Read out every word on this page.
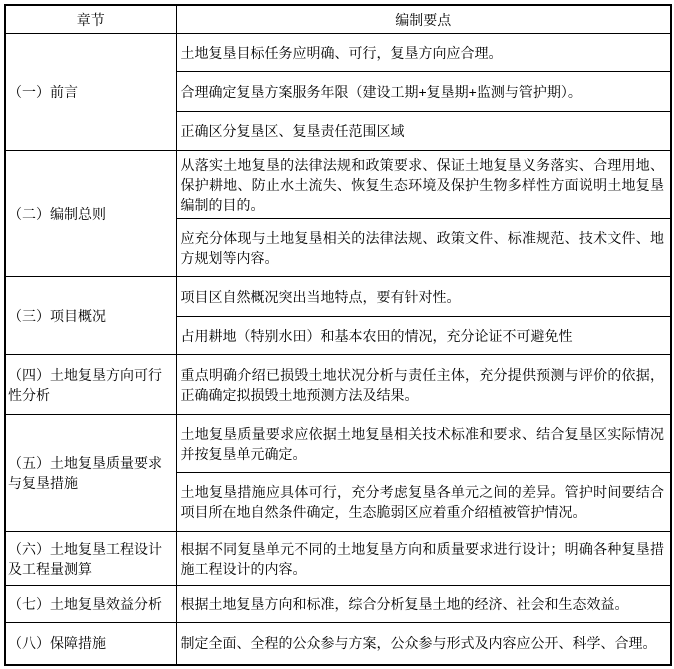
章节	编制要点
（一）前言	土地复垦目标任务应明确、可行，复垦方向应合理。
	合理确定复垦方案服务年限（建设工期+复垦期+监测与管护期）。
	正确区分复垦区、复垦责任范围区域
（二）编制总则	从落实土地复垦的法律法规和政策要求、保证土地复垦义务落实、合理用地、保护耕地、防止水土流失、恢复生态环境及保护生物多样性方面说明土地复垦编制的目的。
	应充分体现与土地复垦相关的法律法规、政策文件、标准规范、技术文件、地方规划等内容。
（三）项目概况	项目区自然概况突出当地特点，要有针对性。
	占用耕地（特别水田）和基本农田的情况，充分论证不可避免性
（四）土地复垦方向可行性分析	重点明确介绍已损毁土地状况分析与责任主体，充分提供预测与评价的依据，正确确定拟损毁土地预测方法及结果。
（五）土地复垦质量要求与复垦措施	土地复垦质量要求应依据土地复垦相关技术标准和要求、结合复垦区实际情况并按复垦单元确定。
	土地复垦措施应具体可行，充分考虑复垦各单元之间的差异。管护时间要结合项目所在地自然条件确定，生态脆弱区应着重介绍植被管护情况。
（六）土地复垦工程设计及工程量测算	根据不同复垦单元不同的土地复垦方向和质量要求进行设计；明确各种复垦措施工程设计的内容。
（七）土地复垦效益分析	根据土地复垦方向和标准，综合分析复垦土地的经济、社会和生态效益。
（八）保障措施	制定全面、全程的公众参与方案，公众参与形式及内容应公开、科学、合理。
